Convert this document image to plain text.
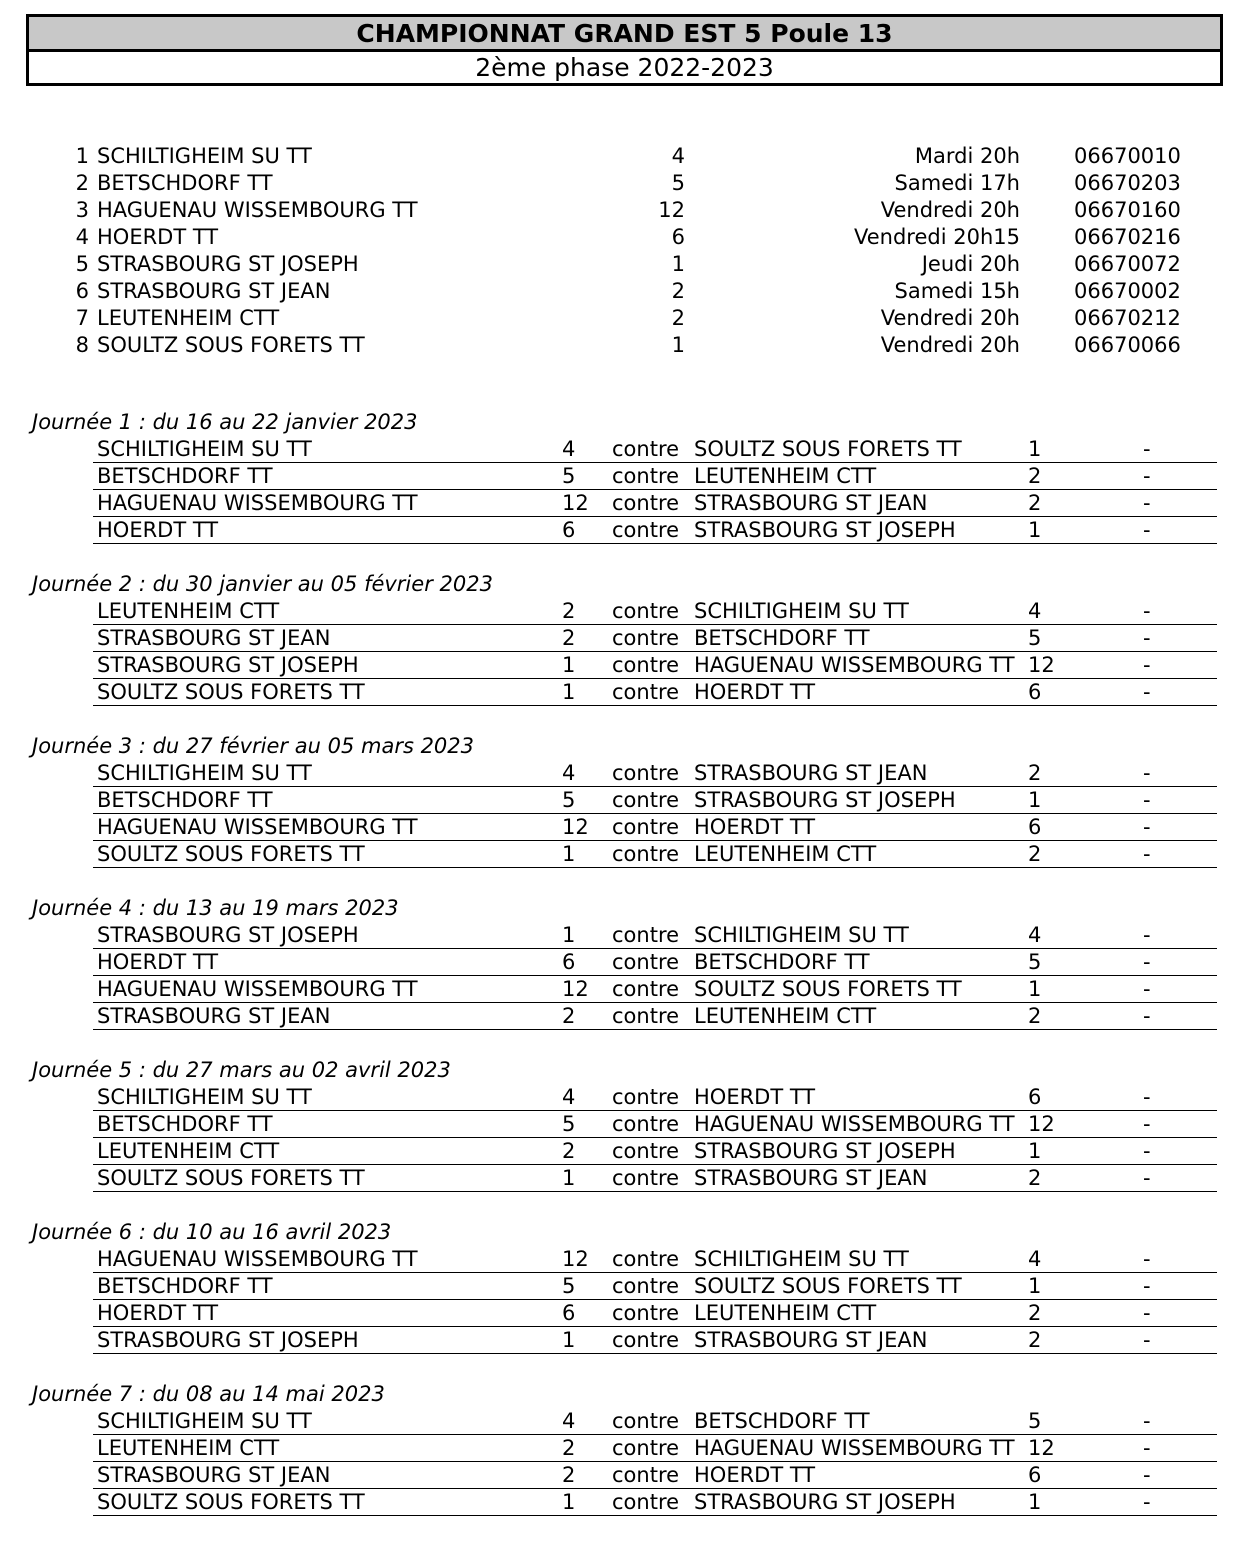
CHAMPIONNAT GRAND EST 5 Poule 13
2ème phase 2022-2023
1 SCHILTIGHEIM SU TT	4	Mardi 20h	06670010
2 BETSCHDORF TT	5	Samedi 17h	06670203
3 HAGUENAU WISSEMBOURG TT	12	Vendredi 20h	06670160
4 HOERDT TT	6	Vendredi 20h15	06670216
5 STRASBOURG ST JOSEPH	1	Jeudi 20h	06670072
6 STRASBOURG ST JEAN	2	Samedi 15h	06670002
7 LEUTENHEIM CTT	2	Vendredi 20h	06670212
8 SOULTZ SOUS FORETS TT	1	Vendredi 20h	06670066
Journée 1 : du 16 au 22 janvier 2023
SCHILTIGHEIM SU TT	4 contre SOULTZ SOUS FORETS TT	1	-
BETSCHDORF TT	5 contre LEUTENHEIM CTT	2	-
HAGUENAU WISSEMBOURG TT	12 contre STRASBOURG ST JEAN	2	-
HOERDT TT	6 contre STRASBOURG ST JOSEPH	1	-
Journée 2 : du 30 janvier au 05 février 2023
LEUTENHEIM CTT	2 contre SCHILTIGHEIM SU TT	4	-
STRASBOURG ST JEAN	2 contre BETSCHDORF TT	5	-
STRASBOURG ST JOSEPH	1 contre HAGUENAU WISSEMBOURG TT 12	-
SOULTZ SOUS FORETS TT	1 contre HOERDT TT	6	-
Journée 3 : du 27 février au 05 mars 2023
SCHILTIGHEIM SU TT	4 contre STRASBOURG ST JEAN	2	-
BETSCHDORF TT	5 contre STRASBOURG ST JOSEPH	1	-
HAGUENAU WISSEMBOURG TT	12 contre HOERDT TT	6	-
SOULTZ SOUS FORETS TT	1 contre LEUTENHEIM CTT	2	-
Journée 4 : du 13 au 19 mars 2023
STRASBOURG ST JOSEPH	1 contre SCHILTIGHEIM SU TT	4	-
HOERDT TT	6 contre BETSCHDORF TT	5	-
HAGUENAU WISSEMBOURG TT	12 contre SOULTZ SOUS FORETS TT	1	-
STRASBOURG ST JEAN	2 contre LEUTENHEIM CTT	2	-
Journée 5 : du 27 mars au 02 avril 2023
SCHILTIGHEIM SU TT	4 contre HOERDT TT	6	-
BETSCHDORF TT	5 contre HAGUENAU WISSEMBOURG TT 12	-
LEUTENHEIM CTT	2 contre STRASBOURG ST JOSEPH	1	-
SOULTZ SOUS FORETS TT	1 contre STRASBOURG ST JEAN	2	-
Journée 6 : du 10 au 16 avril 2023
HAGUENAU WISSEMBOURG TT	12 contre SCHILTIGHEIM SU TT	4	-
BETSCHDORF TT	5 contre SOULTZ SOUS FORETS TT	1	-
HOERDT TT	6 contre LEUTENHEIM CTT	2	-
STRASBOURG ST JOSEPH	1 contre STRASBOURG ST JEAN	2	-
Journée 7 : du 08 au 14 mai 2023
SCHILTIGHEIM SU TT	4 contre BETSCHDORF TT	5	-
LEUTENHEIM CTT	2 contre HAGUENAU WISSEMBOURG TT 12	-
STRASBOURG ST JEAN	2 contre HOERDT TT	6	-
SOULTZ SOUS FORETS TT	1 contre STRASBOURG ST JOSEPH	1	-
